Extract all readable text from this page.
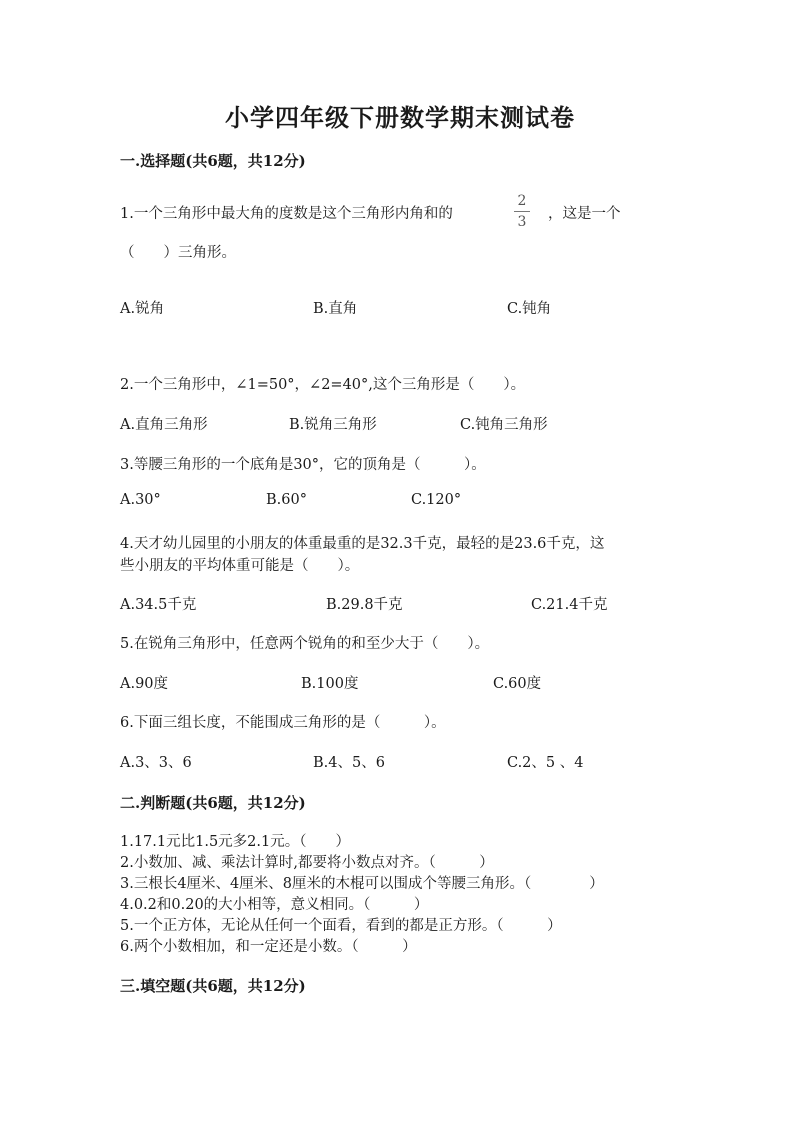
小学四年级下册数学期末测试卷
一.选择题(共6题，共12分)
1.一个三角形中最大角的度数是这个三角形内角和的
2
3	，这是一个
（　　）三角形。
A.锐角	B.直角	C.钝角
2.一个三角形中，∠1=50°，∠2=40°,这个三角形是（　　）。
A.直角三角形	B.锐角三角形	C.钝角三角形
3.等腰三角形的一个底角是30°，它的顶角是（　　　）。
A.30°	B.60°	C.120°
4.天才幼儿园里的小朋友的体重最重的是32.3千克，最轻的是23.6千克，这
些小朋友的平均体重可能是（　　）。
A.34.5千克	B.29.8千克	C.21.4千克
5.在锐角三角形中，任意两个锐角的和至少大于（　　）。
A.90度	B.100度	C.60度
6.下面三组长度，不能围成三角形的是（　　　）。
A.3、3、6	B.4、5、6	C.2、5 、4
二.判断题(共6题，共12分)
1.17.1元比1.5元多2.1元。（　　）
2.小数加、减、乘法计算时,都要将小数点对齐。（　　　）
3.三根长4厘米、4厘米、8厘米的木棍可以围成个等腰三角形。（　　　　）
4.0.2和0.20的大小相等，意义相同。（　　　）
5.一个正方体，无论从任何一个面看，看到的都是正方形。（　　　）
6.两个小数相加，和一定还是小数。（　　　）
三.填空题(共6题，共12分)
